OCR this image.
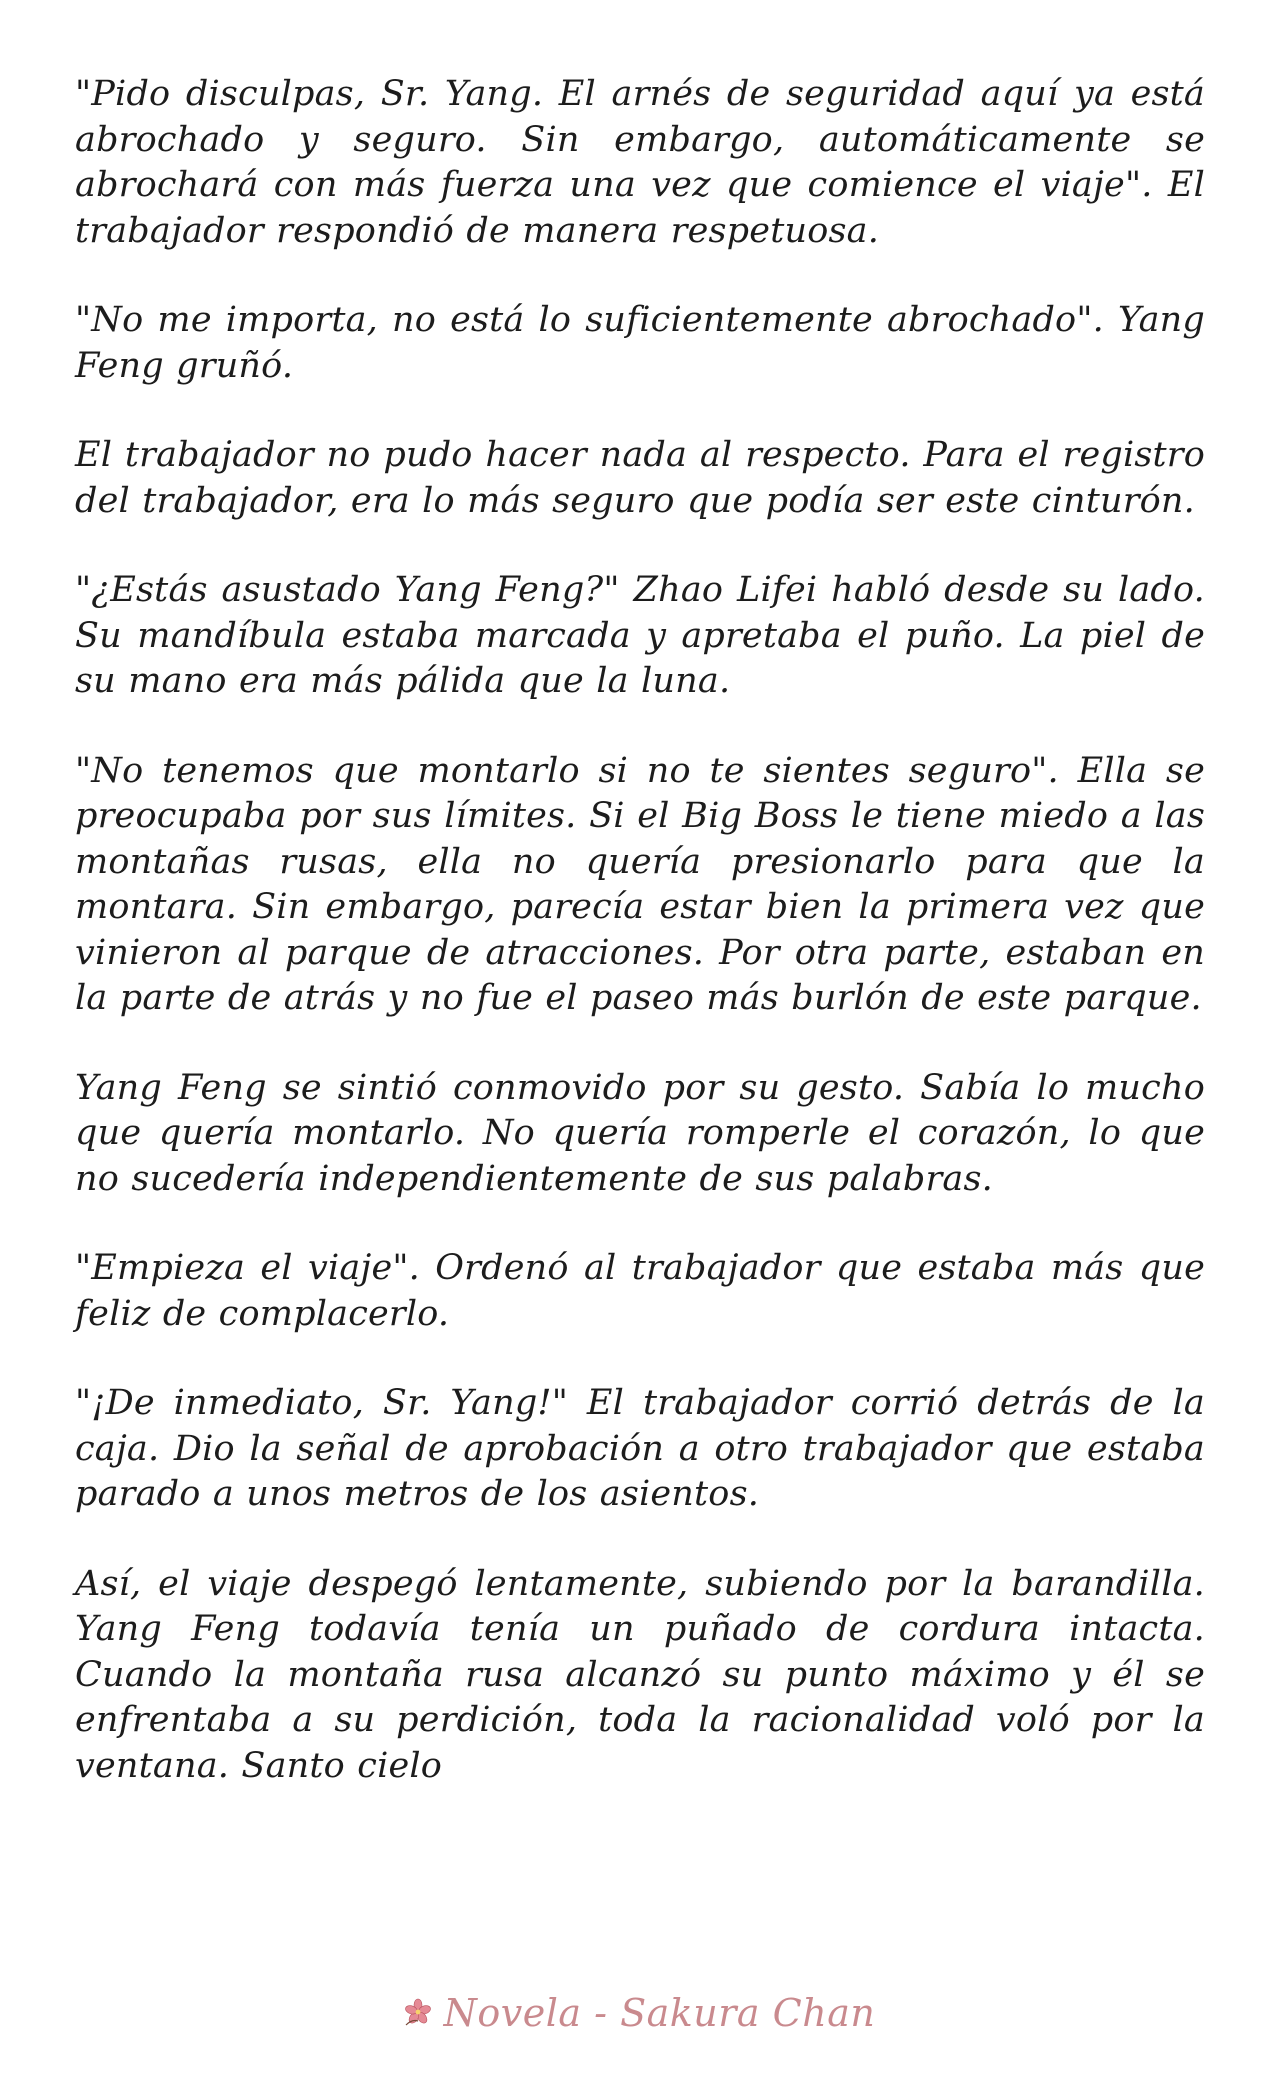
"Pido disculpas, Sr. Yang. El arnés de seguridad aquí ya está abrochado y seguro. Sin embargo, automáticamente se abrochará con más fuerza una vez que comience el viaje". El trabajador respondió de manera respetuosa.

"No me importa, no está lo suficientemente abrochado". Yang Feng gruñó.

El trabajador no pudo hacer nada al respecto. Para el registro del trabajador, era lo más seguro que podía ser este cinturón.

"¿Estás asustado Yang Feng?" Zhao Lifei habló desde su lado. Su mandíbula estaba marcada y apretaba el puño. La piel de su mano era más pálida que la luna.

"No tenemos que montarlo si no te sientes seguro". Ella se preocupaba por sus límites. Si el Big Boss le tiene miedo a las montañas rusas, ella no quería presionarlo para que la montara. Sin embargo, parecía estar bien la primera vez que vinieron al parque de atracciones. Por otra parte, estaban en la parte de atrás y no fue el paseo más burlón de este parque.

Yang Feng se sintió conmovido por su gesto. Sabía lo mucho que quería montarlo. No quería romperle el corazón, lo que no sucedería independientemente de sus palabras.

"Empieza el viaje". Ordenó al trabajador que estaba más que feliz de complacerlo.

"¡De inmediato, Sr. Yang!" El trabajador corrió detrás de la caja. Dio la señal de aprobación a otro trabajador que estaba parado a unos metros de los asientos.

Así, el viaje despegó lentamente, subiendo por la barandilla. Yang Feng todavía tenía un puñado de cordura intacta. Cuando la montaña rusa alcanzó su punto máximo y él se enfrentaba a su perdición, toda la racionalidad voló por la ventana. Santo cielo

Novela - Sakura Chan
